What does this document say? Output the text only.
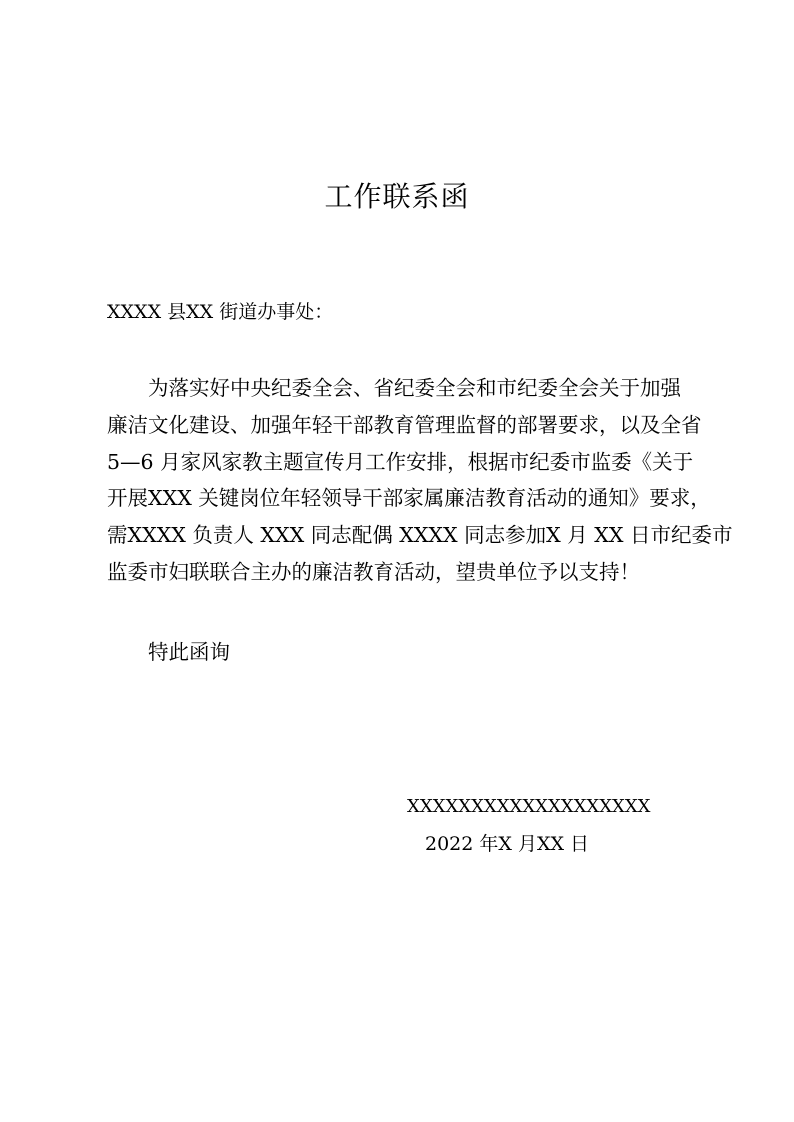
工作联系函
XXXX 县XX 街道办事处：
为落实好中央纪委全会、省纪委全会和市纪委全会关于加强
廉洁文化建设、加强年轻干部教育管理监督的部署要求，以及全省
5—6 月家风家教主题宣传月工作安排，根据市纪委市监委《关于
开展XXX 关键岗位年轻领导干部家属廉洁教育活动的通知》要求，
需XXXX 负责人 XXX 同志配偶 XXXX 同志参加X 月 XX 日市纪委市
监委市妇联联合主办的廉洁教育活动，望贵单位予以支持！
特此函询
XXXXXXXXXXXXXXXXXXX
2022 年X 月XX 日
